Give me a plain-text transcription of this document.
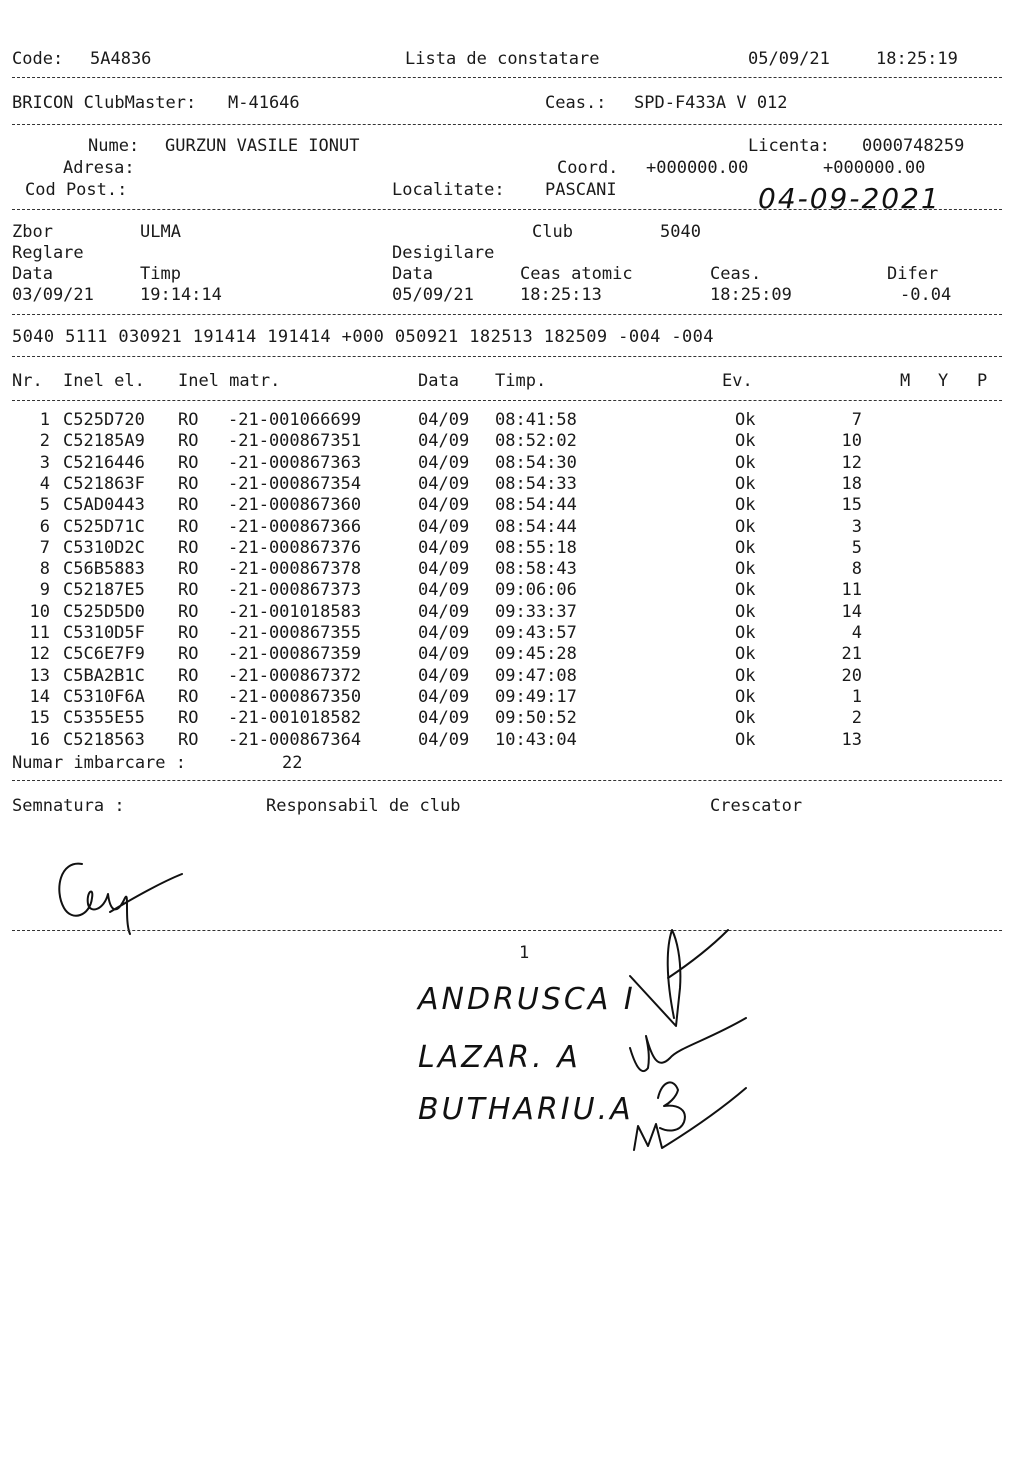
Code: 5A4836	Lista de constatare	05/09/21	18:25:19
BRICON ClubMaster: M-41646	Ceas.: SPD-F433A V 012
Nume: GURZUN VASILE IONUT	Licenta: 0000748259
Adresa:	Coord. +000000.00	+000000.00
Cod Post.:	Localitate: PASCANI	04-09-2021
Zbor	ULMA	Club	5040
Reglare	Desigilare
Data	Timp	Data	Ceas atomic	Ceas.	Difer
03/09/21	19:14:14	05/09/21	18:25:13	18:25:09	-0.04
5040 5111 030921 191414 191414 +000 050921 182513 182509 -004 -004
Nr. Inel el. Inel matr.	Data Timp.	Ev.	M Y P
1 C525D720	RO	-21-001066699	04/09	08:41:58	Ok	7
2 C52185A9	RO	-21-000867351	04/09	08:52:02	Ok	10
3 C5216446	RO	-21-000867363	04/09	08:54:30	Ok	12
4 C521863F	RO	-21-000867354	04/09	08:54:33	Ok	18
5 C5AD0443	RO	-21-000867360	04/09	08:54:44	Ok	15
6 C525D71C	RO	-21-000867366	04/09	08:54:44	Ok	3
7 C5310D2C	RO	-21-000867376	04/09	08:55:18	Ok	5
8 C56B5883	RO	-21-000867378	04/09	08:58:43	Ok	8
9 C52187E5	RO	-21-000867373	04/09	09:06:06	Ok	11
10 C525D5D0	RO	-21-001018583	04/09	09:33:37	Ok	14
11 C5310D5F	RO	-21-000867355	04/09	09:43:57	Ok	4
12 C5C6E7F9	RO	-21-000867359	04/09	09:45:28	Ok	21
13 C5BA2B1C	RO	-21-000867372	04/09	09:47:08	Ok	20
14 C5310F6A	RO	-21-000867350	04/09	09:49:17	Ok	1
15 C5355E55	RO	-21-001018582	04/09	09:50:52	Ok	2
16 C5218563	RO	-21-000867364	04/09	10:43:04	Ok	13
Numar imbarcare :	22
Semnatura :	Responsabil de club	Crescator
1
ANDRUSCA I
LAZAR. A
BUTHARIU.A
